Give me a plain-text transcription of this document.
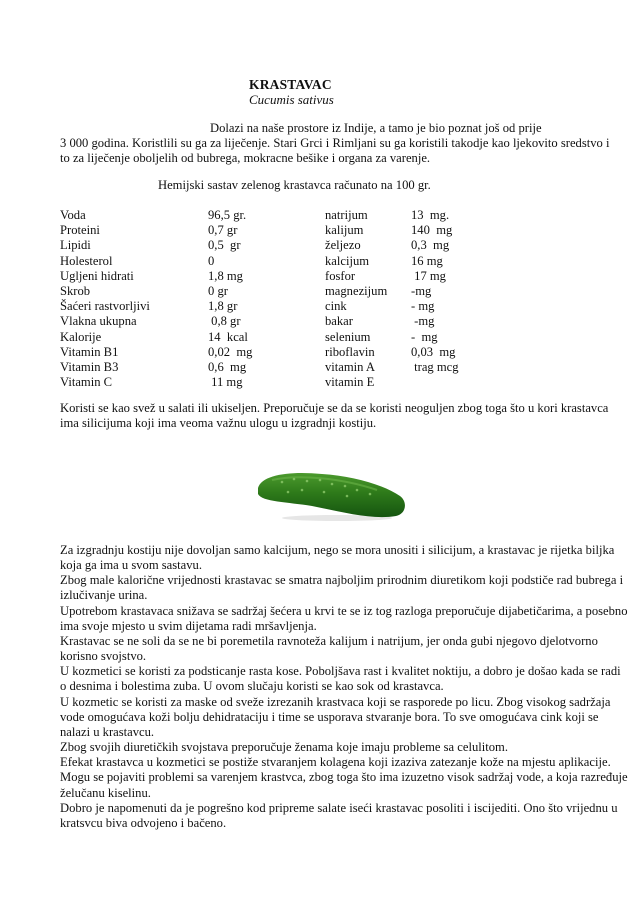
KRASTAVAC
Cucumis sativus
Dolazi na naše prostore iz Indije, a tamo je bio poznat još od prije
3 000 godina. Koristlili su ga za liječenje. Stari Grci i Rimljani su ga koristili takodje kao ljekovito sredstvo i to za liječenje oboljelih od bubrega, mokracne bešike i organa za varenje.
Hemijski sastav zelenog krastavca računato na 100 gr.
Voda
Proteini
Lipidi
Holesterol
Ugljeni hidrati
Skrob
Šaćeri rastvorljivi
Vlakna ukupna
Kalorije
Vitamin B1
Vitamin B3
Vitamin C
96,5 gr.
0,7 gr
0,5  gr
0
1,8 mg
0 gr
1,8 gr
0,8 gr
14  kcal
0,02  mg
0,6  mg
11 mg
natrijum
kalijum
željezo
kalcijum
fosfor
magnezijum
cink
bakar
selenium
riboflavin
vitamin A
vitamin E
13  mg.
140  mg
0,3  mg
16 mg
17 mg
-mg
- mg
-mg
-  mg
0,03  mg
trag mcg
Koristi se kao svež u salati ili ukiseljen. Preporučuje se da se koristi neoguljen zbog toga što u kori krastavca ima silicijuma koji ima veoma važnu ulogu u izgradnji kostiju.

Za izgradnju kostiju nije dovoljan samo kalcijum, nego se mora unositi i silicijum, a krastavac je rijetka biljka koja ga ima u svom sastavu.

Zbog male kalorične vrijednosti krastavac se smatra najboljim prirodnim diuretikom koji podstiče rad bubrega i izlučivanje urina.

Upotrebom krastavaca snižava se sadržaj šećera u krvi te se iz tog razloga preporučuje dijabetičarima, a posebno ima svoje mjesto u svim dijetama radi mršavljenja.

Krastavac se ne soli da se ne bi poremetila ravnoteža kalijum i natrijum, jer onda gubi njegovo djelotvorno korisno svojstvo.

U kozmetici se koristi za podsticanje rasta kose. Poboljšava rast i kvalitet noktiju, a dobro je došao kada se radi o desnima i bolestima zuba. U ovom slučaju koristi se kao sok od krastavca.

U kozmetic se koristi za maske od sveže izrezanih krastvaca koji se rasporede po licu. Zbog visokog sadržaja vode omogućava koži bolju dehidrataciju i time se usporava stvaranje bora. To sve omogućava cink koji se nalazi u krastavcu.

Zbog svojih diuretičkih svojstava preporučuje ženama koje imaju probleme sa celulitom.

Efekat krastavca u kozmetici se postiže stvaranjem kolagena koji izaziva zatezanje kože na mjestu aplikacije.

Mogu se pojaviti problemi sa varenjem krastvca, zbog toga što ima izuzetno visok sadržaj vode, a koja razređuje želučanu kiselinu.

Dobro je napomenuti da je pogrešno kod pripreme salate iseći krastavac posoliti i iscijediti. Ono što vrijednu u kratsvcu biva odvojeno i bačeno.
